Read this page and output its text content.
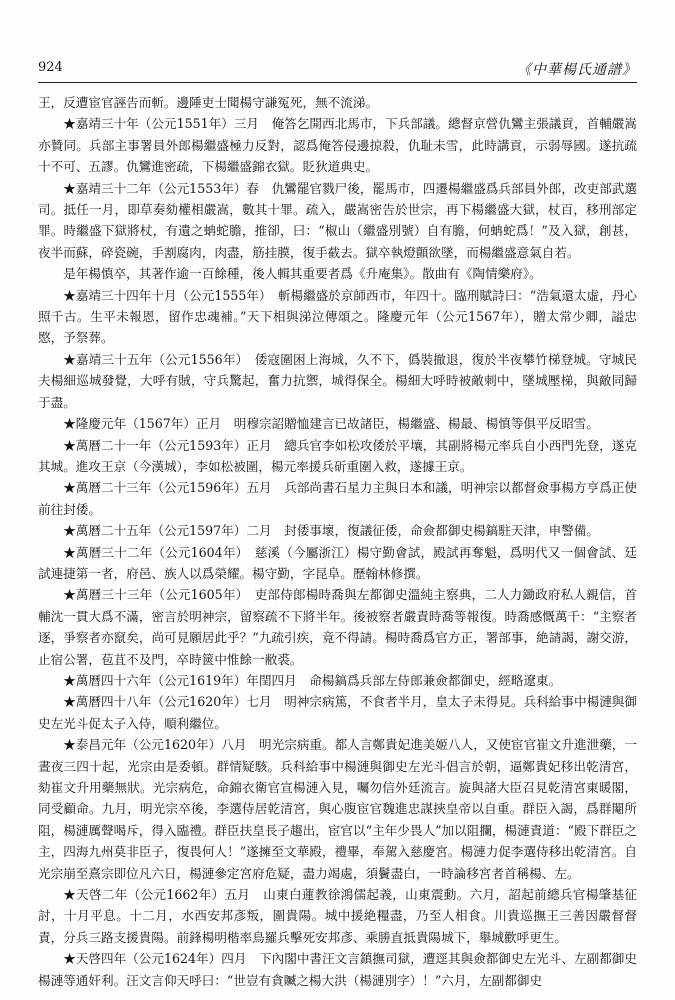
924	《中華楊氏通譜》

王，反遭宦官誣告而斬。邊陲吏士聞楊守謙冤死，無不流涕。

★嘉靖三十年（公元1551年）三月　俺答乞開西北馬市，下兵部議。總督京營仇鸞主張議貢，首輔嚴嵩亦贊同。兵部主事署員外郎楊繼盛極力反對，認爲俺答侵邊掠殺，仇耻未雪，此時講貢，示弱辱國。遂抗疏十不可、五謬。仇鸞進密疏，下楊繼盛錦衣獄。貶狄道典史。

★嘉靖三十二年（公元1553年）春　仇鸞罷官戮尸後，罷馬市，四遷楊繼盛爲兵部員外郎，改吏部武選司。抵任一月，即草奏劾權相嚴嵩，數其十罪。疏入，嚴嵩密告於世宗，再下楊繼盛大獄，杖百，移刑部定罪。時繼盛下獄將杖，有遺之蚺蛇膽，推卻，曰：“椒山（繼盛別號）自有膽，何蚺蛇爲！”及入獄，創甚，夜半而蘇，碎瓷碗，手割腐肉，肉盡，筋挂膜，復手截去。獄卒執燈顫欲墜，而楊繼盛意氣自若。

是年楊慎卒，其著作逾一百餘種，後人輯其重要者爲《升庵集》。散曲有《陶情樂府》。

★嘉靖三十四年十月（公元1555年）　斬楊繼盛於京師西市，年四十。臨刑賦詩曰：“浩氣還太虛，丹心照千古。生平未報恩，留作忠魂補。”天下相與涕泣傳頌之。隆慶元年（公元1567年），贈太常少卿，謚忠愍，予祭葬。

★嘉靖三十五年（公元1556年）　倭寇圍困上海城，久不下，僞裝撤退，復於半夜攀竹梯登城。守城民夫楊細巡城發覺，大呼有賊，守兵驚起，奮力抗禦，城得保全。楊細大呼時被敵刺中，墜城壓梯，與敵同歸于盡。

★隆慶元年（1567年）正月　明穆宗詔贈恤建言已故諸臣，楊繼盛、楊最、楊慎等俱平反昭雪。

★萬曆二十一年（公元1593年）正月　總兵官李如松攻倭於平壤，其副將楊元率兵自小西門先登，遂克其城。進攻王京（今漢城），李如松被圍，楊元率援兵斫重圍入救，遂據王京。

★萬曆二十三年（公元1596年）五月　兵部尚書石星力主與日本和議，明神宗以都督僉事楊方亨爲正使前往封倭。

★萬曆二十五年（公元1597年）二月　封倭事壞，復議征倭，命僉都御史楊鎬駐天津，申警備。

★萬曆三十二年（公元1604年）　慈溪（今屬浙江）楊守勤會試，殿試再奪魁，爲明代又一個會試、廷試連捷第一者，府邑、族人以爲榮耀。楊守勤，字昆阜。歷翰林修撰。

★萬曆三十三年（公元1605年）　吏部侍郎楊時喬與左都御史溫純主察典，二人力鋤政府私人親信，首輔沈一貫大爲不滿，密言於明神宗，留察疏不下將半年。後被察者嚴責時喬等報復。時喬感慨萬千：“主察者逐，爭察者亦竄矣，尚可見願居此乎？”九疏引疾，竟不得請。楊時喬爲官方正，署部事，絶請謁，謝交游，止宿公署，苞苴不及門，卒時篋中惟餘一敝裘。

★萬曆四十六年（公元1619年）年閏四月　命楊鎬爲兵部左侍郎兼僉都御史，經略遼東。

★萬曆四十八年（公元1620年）七月　明神宗病篤，不食者半月，皇太子未得見。兵科給事中楊漣與御史左光斗促太子入侍，順利繼位。

★泰昌元年（公元1620年）八月　明光宗病重。都人言鄭貴妃進美姬八人，又使宦官崔文升進泄藥，一晝夜三四十起，光宗由是委頓。群情疑駭。兵科給事中楊漣與御史左光斗倡言於朝，逼鄭貴妃移出乾清宮，劾崔文升用藥無狀。光宗病危，命錦衣衛官宣楊漣入見，囑勿信外廷流言。旋與諸大臣召見乾清宮東暖閣，同受顧命。九月，明光宗卒後，李選侍居乾清宮，與心腹宦官魏進忠謀挾皇帝以自重。群臣入謁，爲群閹所阻，楊漣厲聲喝斥，得入臨禮。群臣扶皇長子趨出，宦官以“主年少畏人”加以阻攔，楊漣責道：“殿下群臣之主，四海九州莫非臣子，復畏何人！”遂擁至文華殿，禮畢，奉駕入慈慶宮。楊漣力促李選侍移出乾清宮。自光宗崩至熹宗即位凡六日，楊漣參定宮府危疑，盡力竭處，須鬢盡白，一時論移宮者首稱楊、左。

★天啓二年（公元1662年）五月　山東白蓮教徐鴻儒起義，山東震動。六月，詔起前總兵官楊肇基征討，十月平息。十二月，水西安邦彥叛，圍貴陽。城中援絶糧盡，乃至人相食。川貴巡撫王三善因嚴督督責，分兵三路支援貴陽。前鋒楊明楷率鳥羅兵擊死安邦彥、乘勝直抵貴陽城下，舉城歡呼更生。

★天啓四年（公元1624年）四月　下內閣中書汪文言鎮撫司獄，遭逕其與僉都御史左光斗、左副都御史楊漣等通奸利。汪文言仰天呼曰：“世豈有貪贓之楊大洪（楊漣別字）！”六月，左副都御史
